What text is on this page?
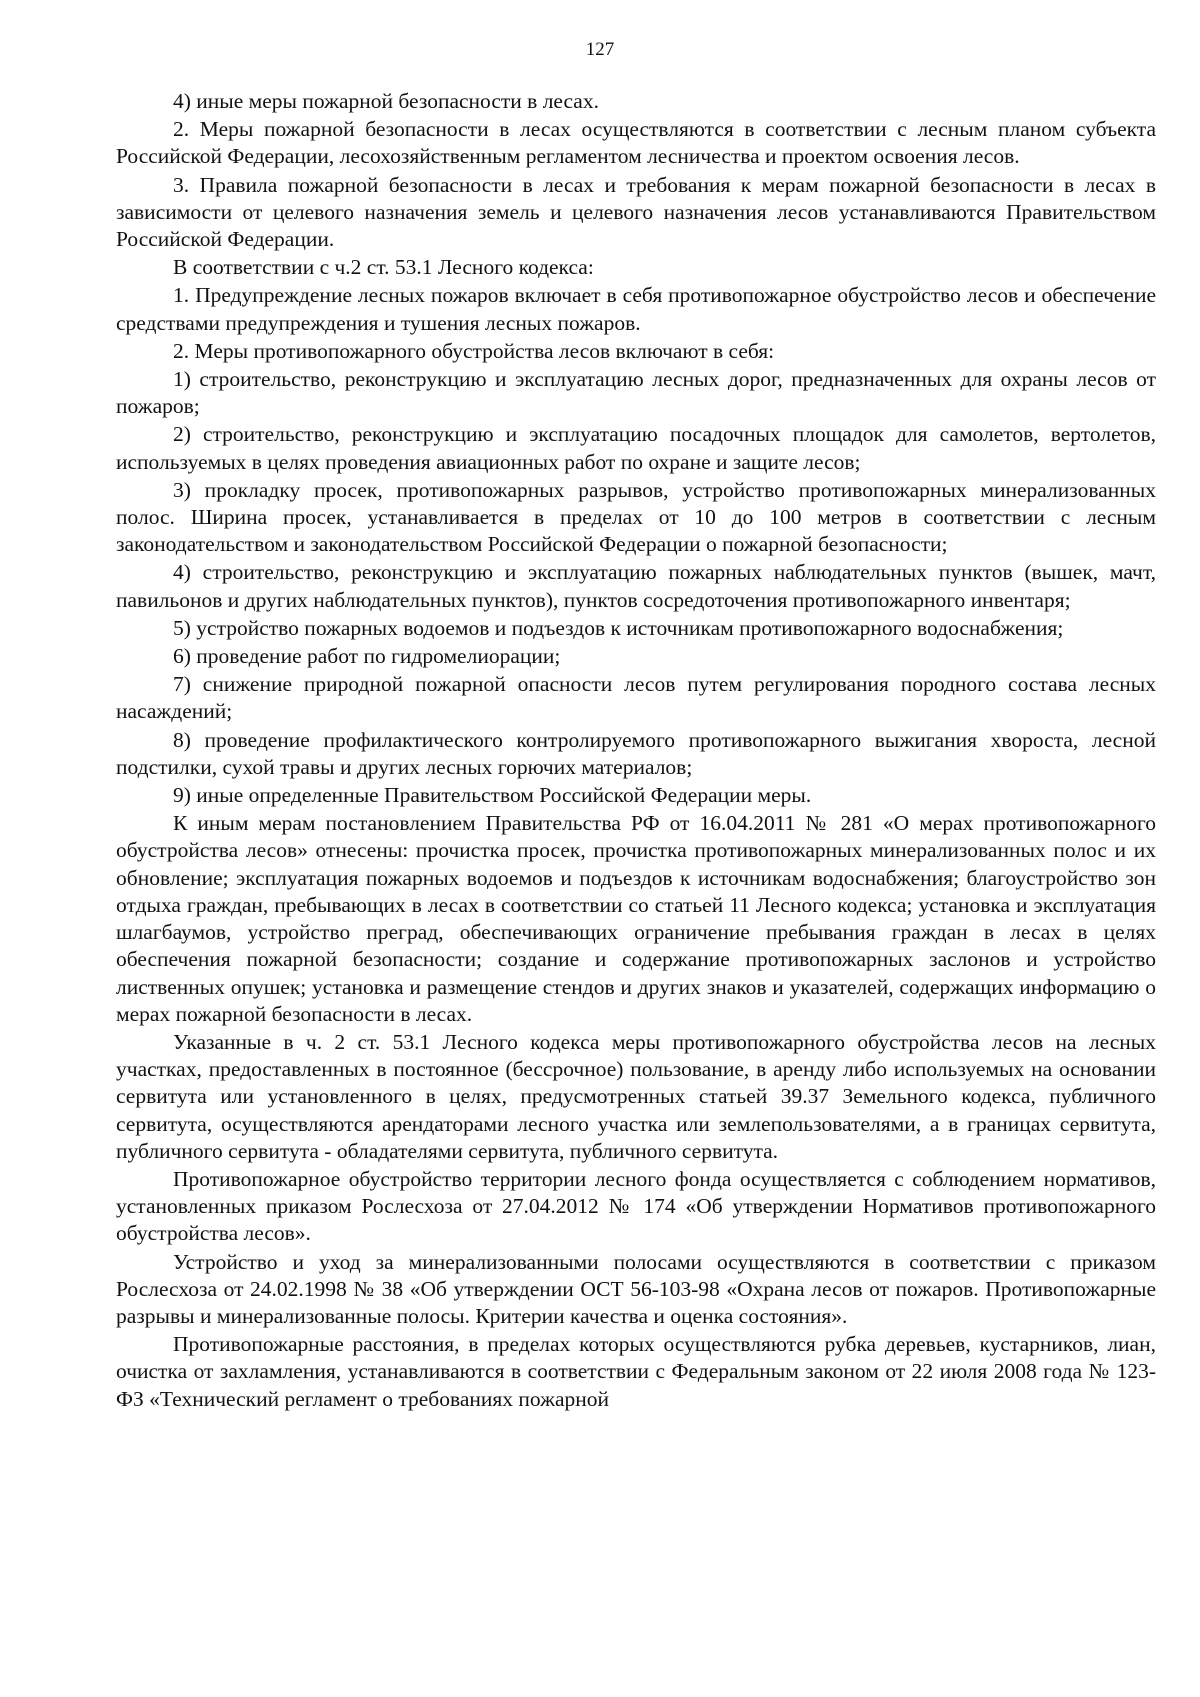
127

4) иные меры пожарной безопасности в лесах.

2. Меры пожарной безопасности в лесах осуществляются в соответствии с лесным планом субъекта Российской Федерации, лесохозяйственным регламентом лесничества и проектом освоения лесов.

3. Правила пожарной безопасности в лесах и требования к мерам пожарной безопасности в лесах в зависимости от целевого назначения земель и целевого назначения лесов устанавливаются Правительством Российской Федерации.

В соответствии с ч.2 ст. 53.1 Лесного кодекса:

1. Предупреждение лесных пожаров включает в себя противопожарное обустройство лесов и обеспечение средствами предупреждения и тушения лесных пожаров.

2. Меры противопожарного обустройства лесов включают в себя:

1) строительство, реконструкцию и эксплуатацию лесных дорог, предназначенных для охраны лесов от пожаров;

2) строительство, реконструкцию и эксплуатацию посадочных площадок для самолетов, вертолетов, используемых в целях проведения авиационных работ по охране и защите лесов;

3) прокладку просек, противопожарных разрывов, устройство противопожарных минерализованных полос. Ширина просек, устанавливается в пределах от 10 до 100 метров в соответствии с лесным законодательством и законодательством Российской Федерации о пожарной безопасности;

4) строительство, реконструкцию и эксплуатацию пожарных наблюдательных пунктов (вышек, мачт, павильонов и других наблюдательных пунктов), пунктов сосредоточения противопожарного инвентаря;

5) устройство пожарных водоемов и подъездов к источникам противопожарного водоснабжения;

6) проведение работ по гидромелиорации;

7) снижение природной пожарной опасности лесов путем регулирования породного состава лесных насаждений;

8) проведение профилактического контролируемого противопожарного выжигания хвороста, лесной подстилки, сухой травы и других лесных горючих материалов;

9) иные определенные Правительством Российской Федерации меры.

К иным мерам постановлением Правительства РФ от 16.04.2011 № 281 «О мерах противопожарного обустройства лесов» отнесены: прочистка просек, прочистка противопожарных минерализованных полос и их обновление; эксплуатация пожарных водоемов и подъездов к источникам водоснабжения; благоустройство зон отдыха граждан, пребывающих в лесах в соответствии со статьей 11 Лесного кодекса; установка и эксплуатация шлагбаумов, устройство преград, обеспечивающих ограничение пребывания граждан в лесах в целях обеспечения пожарной безопасности; создание и содержание противопожарных заслонов и устройство лиственных опушек; установка и размещение стендов и других знаков и указателей, содержащих информацию о мерах пожарной безопасности в лесах.

Указанные в ч. 2 ст. 53.1 Лесного кодекса меры противопожарного обустройства лесов на лесных участках, предоставленных в постоянное (бессрочное) пользование, в аренду либо используемых на основании сервитута или установленного в целях, предусмотренных статьей 39.37 Земельного кодекса, публичного сервитута, осуществляются арендаторами лесного участка или землепользователями, а в границах сервитута, публичного сервитута - обладателями сервитута, публичного сервитута.

Противопожарное обустройство территории лесного фонда осуществляется с соблюдением нормативов, установленных приказом Рослесхоза от 27.04.2012 № 174 «Об утверждении Нормативов противопожарного обустройства лесов».

Устройство и уход за минерализованными полосами осуществляются в соответствии с приказом Рослесхоза от 24.02.1998 № 38 «Об утверждении ОСТ 56-103-98 «Охрана лесов от пожаров. Противопожарные разрывы и минерализованные полосы. Критерии качества и оценка состояния».

Противопожарные расстояния, в пределах которых осуществляются рубка деревьев, кустарников, лиан, очистка от захламления, устанавливаются в соответствии с Федеральным законом от 22 июля 2008 года № 123-ФЗ «Технический регламент о требованиях пожарной
